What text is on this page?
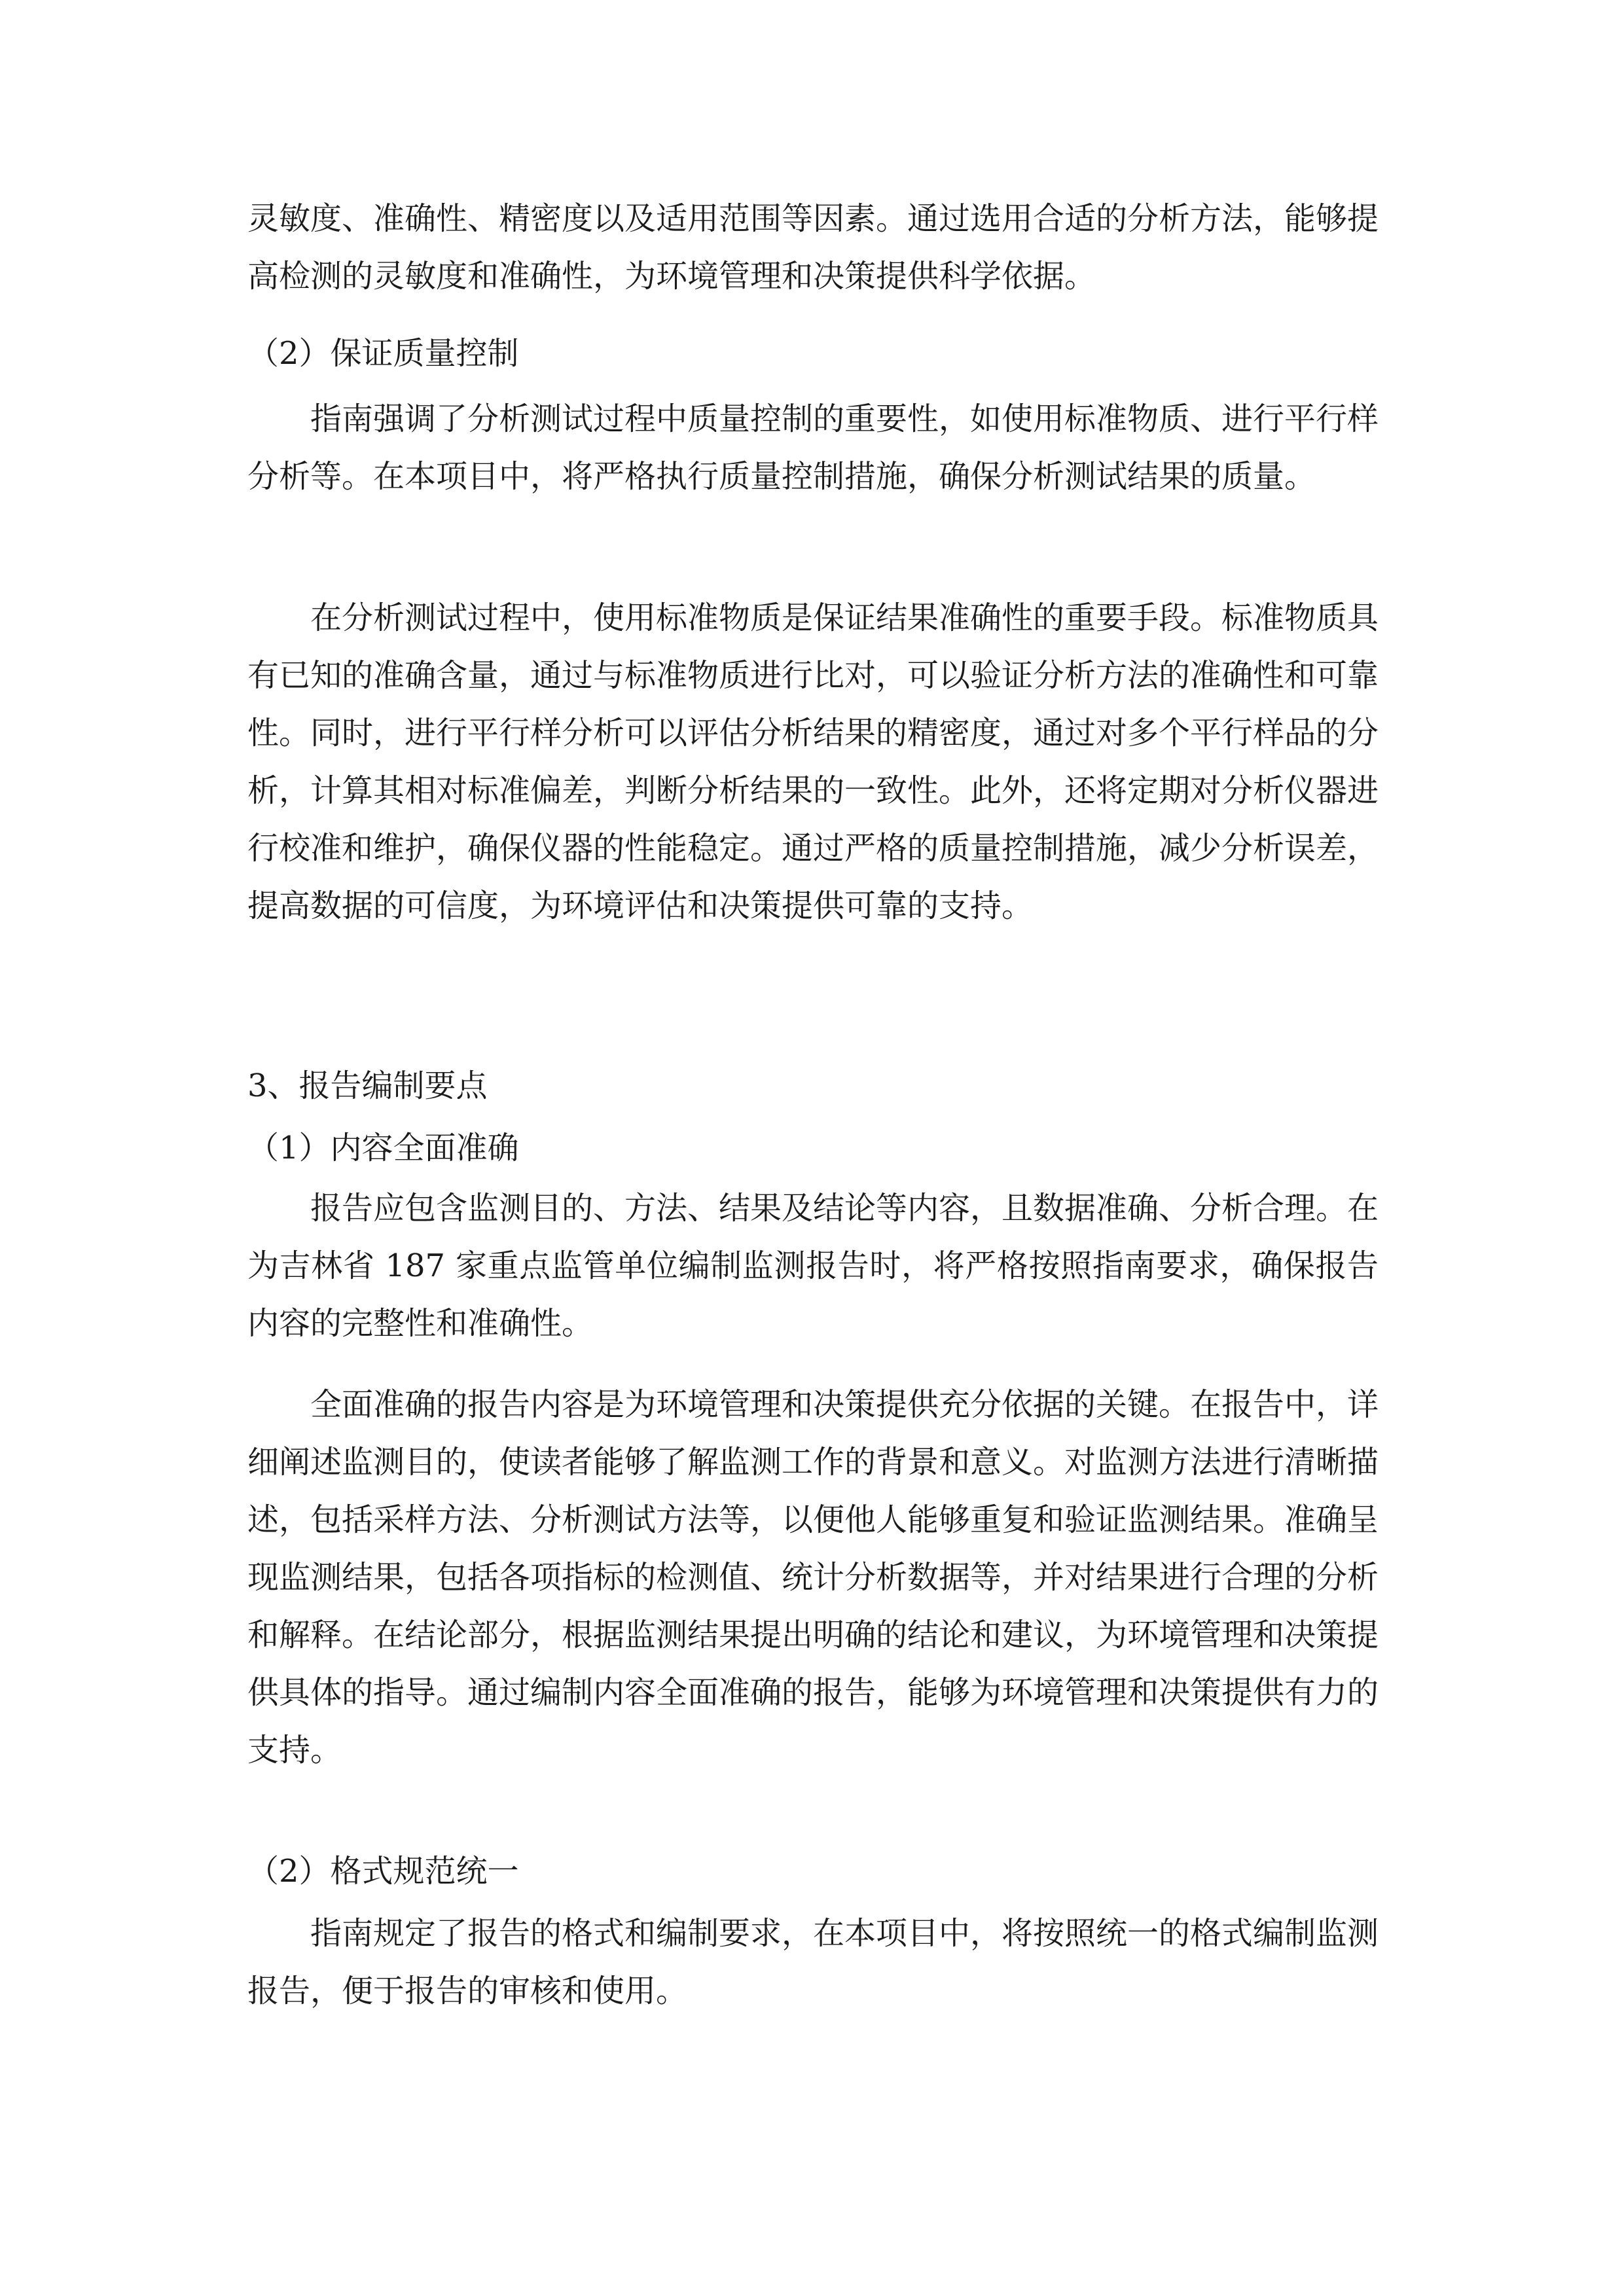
灵敏度、准确性、精密度以及适用范围等因素。通过选用合适的分析方法，能够提高检测的灵敏度和准确性，为环境管理和决策提供科学依据。

（2）保证质量控制

指南强调了分析测试过程中质量控制的重要性，如使用标准物质、进行平行样分析等。在本项目中，将严格执行质量控制措施，确保分析测试结果的质量。

在分析测试过程中，使用标准物质是保证结果准确性的重要手段。标准物质具有已知的准确含量，通过与标准物质进行比对，可以验证分析方法的准确性和可靠性。同时，进行平行样分析可以评估分析结果的精密度，通过对多个平行样品的分析，计算其相对标准偏差，判断分析结果的一致性。此外，还将定期对分析仪器进行校准和维护，确保仪器的性能稳定。通过严格的质量控制措施，减少分析误差，提高数据的可信度，为环境评估和决策提供可靠的支持。

3、报告编制要点

（1）内容全面准确

报告应包含监测目的、方法、结果及结论等内容，且数据准确、分析合理。在为吉林省 187 家重点监管单位编制监测报告时，将严格按照指南要求，确保报告内容的完整性和准确性。

全面准确的报告内容是为环境管理和决策提供充分依据的关键。在报告中，详细阐述监测目的，使读者能够了解监测工作的背景和意义。对监测方法进行清晰描述，包括采样方法、分析测试方法等，以便他人能够重复和验证监测结果。准确呈现监测结果，包括各项指标的检测值、统计分析数据等，并对结果进行合理的分析和解释。在结论部分，根据监测结果提出明确的结论和建议，为环境管理和决策提供具体的指导。通过编制内容全面准确的报告，能够为环境管理和决策提供有力的支持。

（2）格式规范统一

指南规定了报告的格式和编制要求，在本项目中，将按照统一的格式编制监测报告，便于报告的审核和使用。
